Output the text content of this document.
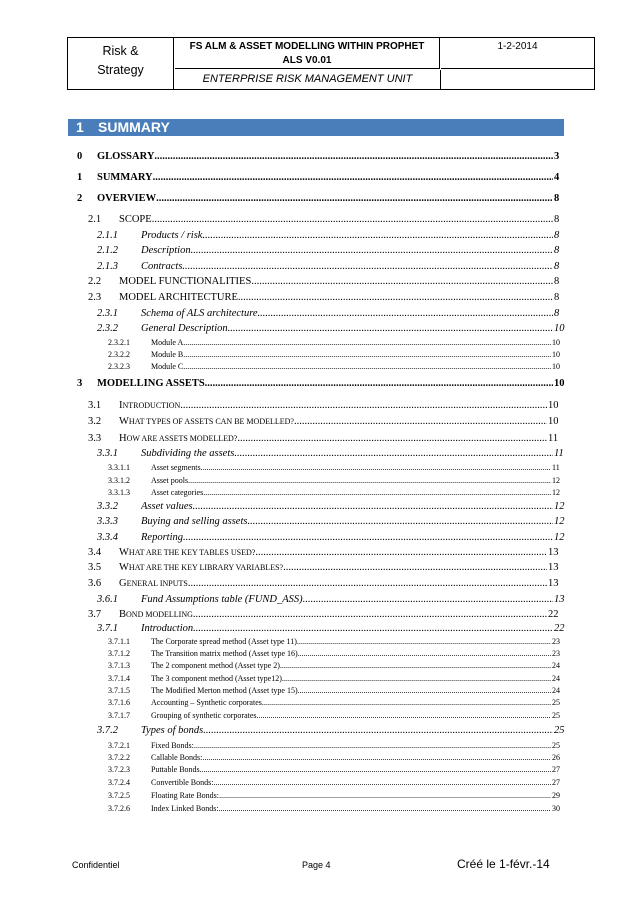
Risk &
Strategy
FS ALM & ASSET MODELLING WITHIN PROPHET
ALS V0.01
1-2-2014
ENTERPRISE RISK MANAGEMENT UNIT
1 SUMMARY
0 GLOSSARY .....	3
1 SUMMARY .....	4
2 OVERVIEW .....	8
2.1 SCOPE .....	8
2.1.1 Products / risk .....	8
2.1.2 Description .....	8
2.1.3 Contracts .....	8
2.2 MODEL FUNCTIONALITIES .....	8
2.3 MODEL ARCHITECTURE .....	8
2.3.1 Schema of ALS architecture .....	8
2.3.2 General Description .....	10
2.3.2.1	Module A .....	10
2.3.2.2	Module B .....	10
2.3.2.3	Module C .....	10
3 MODELLING ASSETS .....	10
3.1 INTRODUCTION .....	10
3.2 WHAT TYPES OF ASSETS CAN BE MODELLED? .....	10
3.3 HOW ARE ASSETS MODELLED? .....	11
3.3.1 Subdividing the assets .....	11
3.3.1.1	Asset segments .....	11
3.3.1.2	Asset pools .....	12
3.3.1.3	Asset categories .....	12
3.3.2 Asset values .....	12
3.3.3 Buying and selling assets .....	12
3.3.4 Reporting .....	12
3.4 WHAT ARE THE KEY TABLES USED? .....	13
3.5 WHAT ARE THE KEY LIBRARY VARIABLES? .....	13
3.6 GENERAL INPUTS .....	13
3.6.1 Fund Assumptions table (FUND_ASS) .....	13
3.7 BOND MODELLING .....	22
3.7.1 Introduction .....	22
3.7.1.1	The Corporate spread method (Asset type 11) .....	23
3.7.1.2	The Transition matrix method (Asset type 16) .....	23
3.7.1.3	The 2 component method (Asset type 2) .....	24
3.7.1.4	The 3 component method (Asset type12) .....	24
3.7.1.5	The Modified Merton method (Asset type 15) .....	24
3.7.1.6	Accounting – Synthetic corporates .....	25
3.7.1.7	Grouping of synthetic corporates .....	25
3.7.2 Types of bonds .....	25
3.7.2.1	Fixed Bonds: .....	25
3.7.2.2	Callable Bonds: .....	26
3.7.2.3	Puttable Bonds .....	27
3.7.2.4	Convertible Bonds: .....	27
3.7.2.5	Floating Rate Bonds: .....	29
3.7.2.6	Index Linked Bonds: .....	30
Confidentiel	Page 4	Créé le 1-févr.-14
